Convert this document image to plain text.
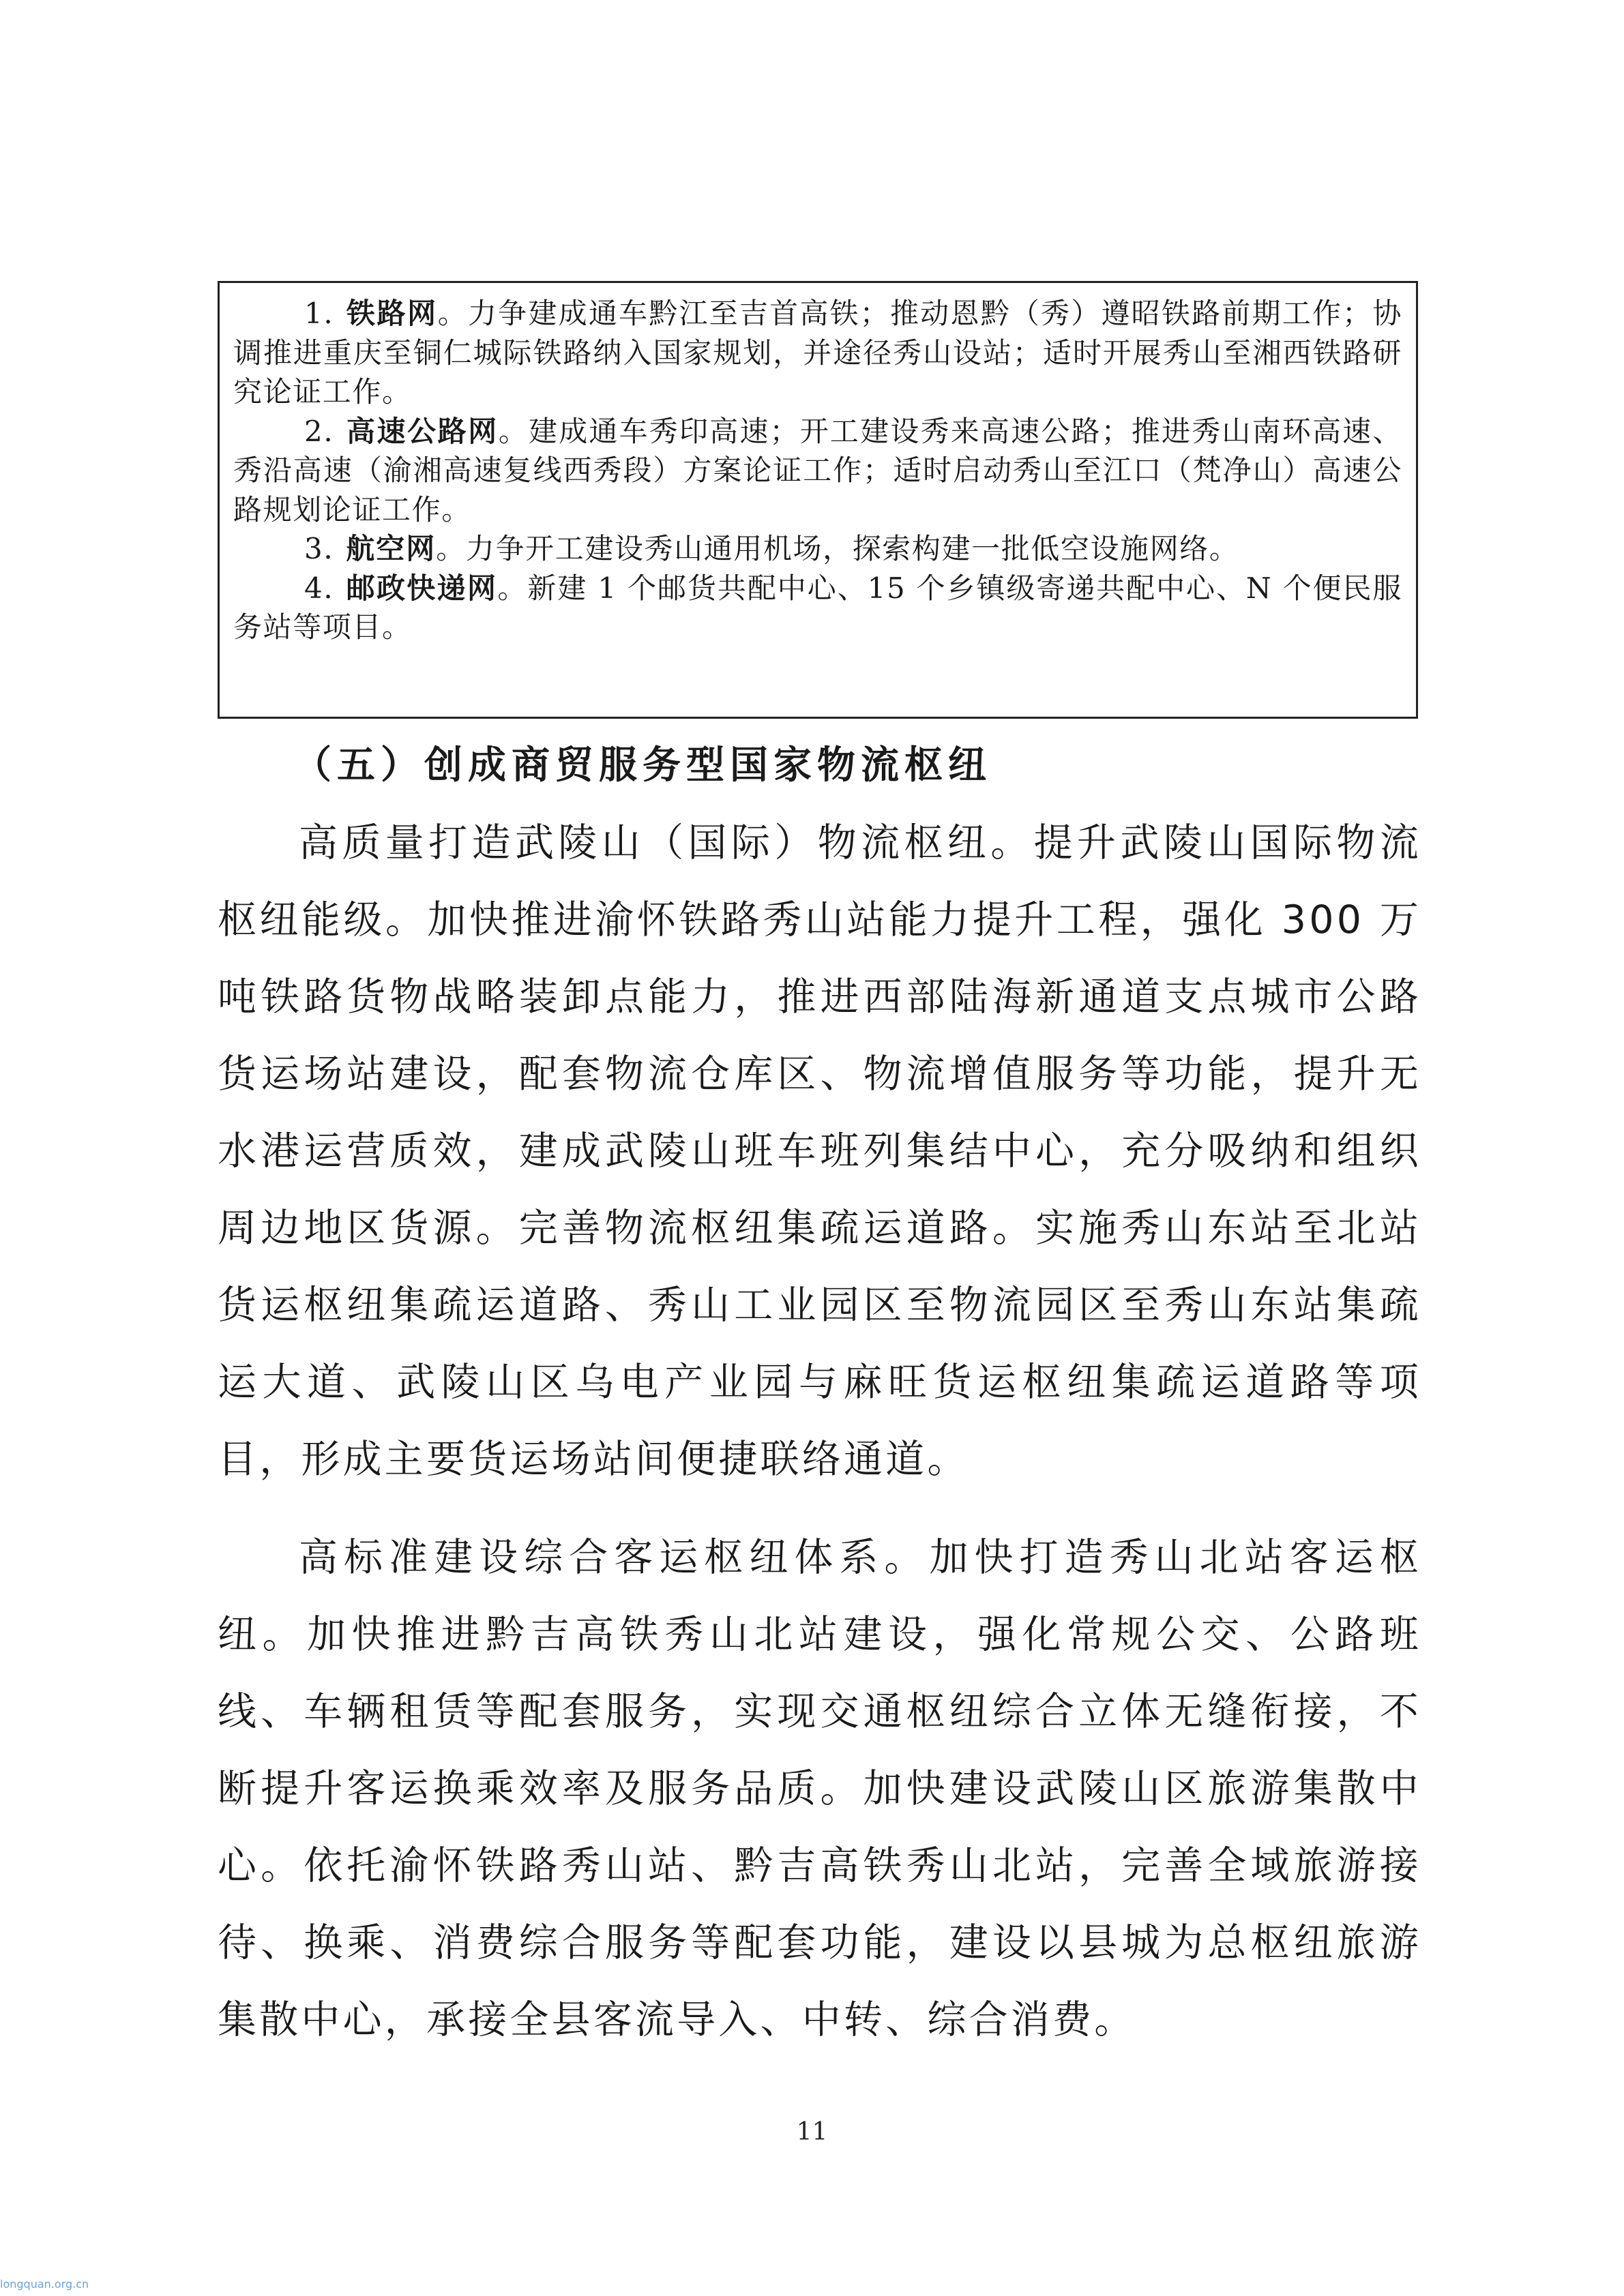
1. 铁路网。力争建成通车黔江至吉首高铁；推动恩黔（秀）遵昭铁路前期工作；协调推进重庆至铜仁城际铁路纳入国家规划，并途径秀山设站；适时开展秀山至湘西铁路研究论证工作。

2. 高速公路网。建成通车秀印高速；开工建设秀来高速公路；推进秀山南环高速、秀沿高速（渝湘高速复线西秀段）方案论证工作；适时启动秀山至江口（梵净山）高速公路规划论证工作。

3. 航空网。力争开工建设秀山通用机场，探索构建一批低空设施网络。

4. 邮政快递网。新建 1 个邮货共配中心、15 个乡镇级寄递共配中心、N 个便民服务站等项目。

（五）创成商贸服务型国家物流枢纽

高质量打造武陵山（国际）物流枢纽。提升武陵山国际物流枢纽能级。加快推进渝怀铁路秀山站能力提升工程，强化 300 万吨铁路货物战略装卸点能力，推进西部陆海新通道支点城市公路货运场站建设，配套物流仓库区、物流增值服务等功能，提升无水港运营质效，建成武陵山班车班列集结中心，充分吸纳和组织周边地区货源。完善物流枢纽集疏运道路。实施秀山东站至北站货运枢纽集疏运道路、秀山工业园区至物流园区至秀山东站集疏运大道、武陵山区乌电产业园与麻旺货运枢纽集疏运道路等项目，形成主要货运场站间便捷联络通道。

高标准建设综合客运枢纽体系。加快打造秀山北站客运枢纽。加快推进黔吉高铁秀山北站建设，强化常规公交、公路班线、车辆租赁等配套服务，实现交通枢纽综合立体无缝衔接，不断提升客运换乘效率及服务品质。加快建设武陵山区旅游集散中心。依托渝怀铁路秀山站、黔吉高铁秀山北站，完善全域旅游接待、换乘、消费综合服务等配套功能，建设以县城为总枢纽旅游集散中心，承接全县客流导入、中转、综合消费。

11
longquan.org.cn
